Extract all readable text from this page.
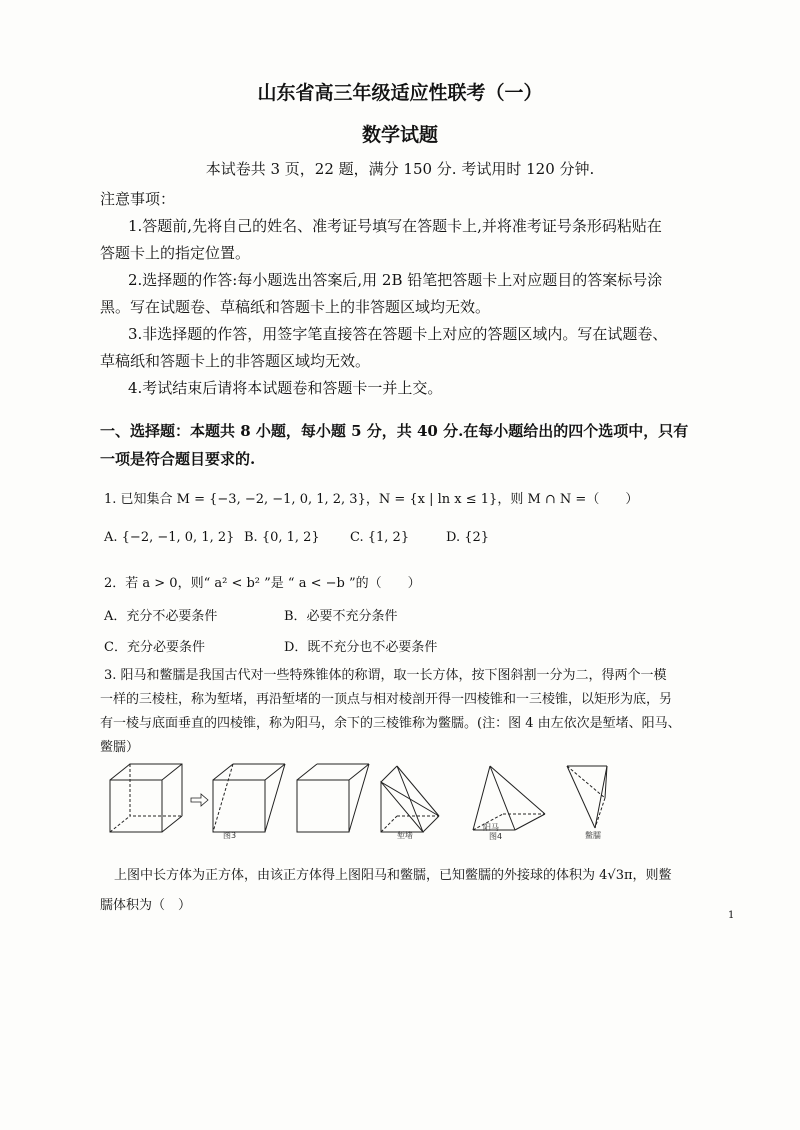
山东省高三年级适应性联考（一）
数学试题
本试卷共 3 页，22 题，满分 150 分. 考试用时 120 分钟.
注意事项：
1.答题前,先将自己的姓名、准考证号填写在答题卡上,并将准考证号条形码粘贴在
答题卡上的指定位置。
2.选择题的作答:每小题选出答案后,用 2B 铅笔把答题卡上对应题目的答案标号涂
黑。写在试题卷、草稿纸和答题卡上的非答题区域均无效。
3.非选择题的作答，用签字笔直接答在答题卡上对应的答题区域内。写在试题卷、
草稿纸和答题卡上的非答题区域均无效。
4.考试结束后请将本试题卷和答题卡一并上交。
一、选择题：本题共 8 小题，每小题 5 分，共 40 分.在每小题给出的四个选项中，只有
一项是符合题目要求的.
1. 已知集合 M = {−3, −2, −1, 0, 1, 2, 3}，N = {x | ln x ≤ 1}，则 M ∩ N =（　　）
A. {−2, −1, 0, 1, 2} B. {0, 1, 2} C. {1, 2}	D. {2}
2．若 a > 0，则“ a² < b² ”是 “ a < −b ”的（　　）
A．充分不必要条件	B．必要不充分条件
C．充分必要条件	D．既不充分也不必要条件
3. 阳马和鳖臑是我国古代对一些特殊锥体的称谓，取一长方体，按下图斜割一分为二，得两个一模
一样的三棱柱，称为堑堵，再沿堑堵的一顶点与相对棱剖开得一四棱锥和一三棱锥，以矩形为底，另
有一棱与底面垂直的四棱锥，称为阳马，余下的三棱锥称为鳖臑。(注：图 4 由左依次是堑堵、阳马、
鳖臑）
图3	堑堵
阳马
图4	鳖臑
上图中长方体为正方体，由该正方体得上图阳马和鳖臑，已知鳖臑的外接球的体积为 4√3π，则鳖
臑体积为（　）
1
